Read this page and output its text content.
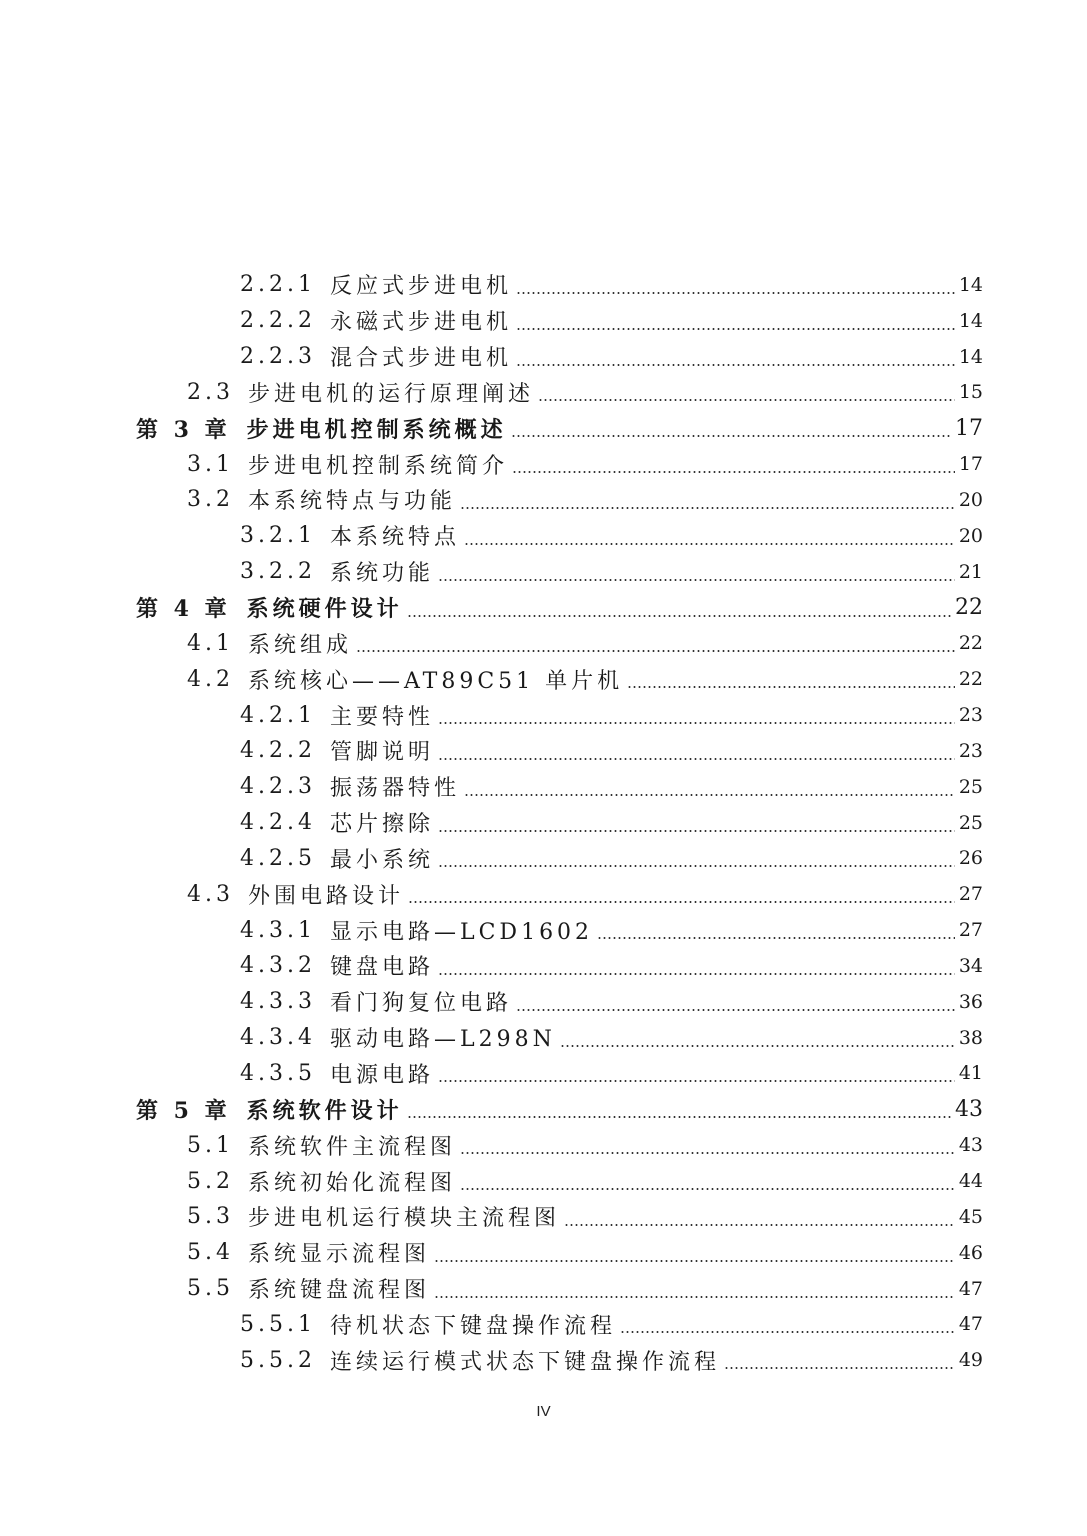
2.2.1 反应式步进电机	14
2.2.2 永磁式步进电机	14
2.2.3 混合式步进电机	14
2.3 步进电机的运行原理阐述	15
第 3 章 步进电机控制系统概述	17
3.1 步进电机控制系统简介	17
3.2 本系统特点与功能	20
3.2.1 本系统特点	20
3.2.2 系统功能	21
第 4 章 系统硬件设计	22
4.1 系统组成	22
4.2 系统核心——AT89C51 单片机	22
4.2.1 主要特性	23
4.2.2 管脚说明	23
4.2.3 振荡器特性	25
4.2.4 芯片擦除	25
4.2.5 最小系统	26
4.3 外围电路设计	27
4.3.1 显示电路—LCD1602	27
4.3.2 键盘电路	34
4.3.3 看门狗复位电路	36
4.3.4 驱动电路—L298N	38
4.3.5 电源电路	41
第 5 章 系统软件设计	43
5.1 系统软件主流程图	43
5.2 系统初始化流程图	44
5.3 步进电机运行模块主流程图	45
5.4 系统显示流程图	46
5.5 系统键盘流程图	47
5.5.1 待机状态下键盘操作流程	47
5.5.2 连续运行模式状态下键盘操作流程	49
IV
